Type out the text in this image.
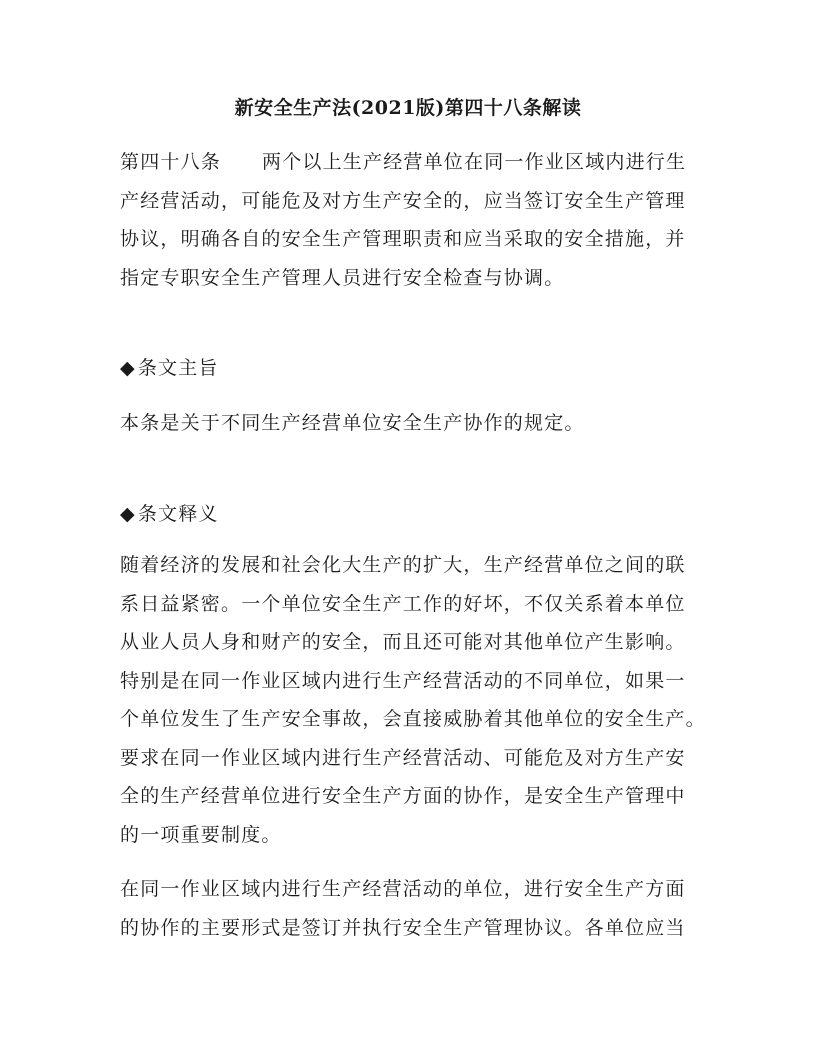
新安全生产法(2021版)第四十八条解读
第四十八条 两个以上生产经营单位在同一作业区域内进行生
产经营活动，可能危及对方生产安全的，应当签订安全生产管理
协议，明确各自的安全生产管理职责和应当采取的安全措施，并
指定专职安全生产管理人员进行安全检查与协调。
◆ 条文主旨
本条是关于不同生产经营单位安全生产协作的规定。
◆ 条文释义
随着经济的发展和社会化大生产的扩大，生产经营单位之间的联
系日益紧密。一个单位安全生产工作的好坏，不仅关系着本单位
从业人员人身和财产的安全，而且还可能对其他单位产生影响。
特别是在同一作业区域内进行生产经营活动的不同单位，如果一
个单位发生了生产安全事故，会直接威胁着其他单位的安全生产。
要求在同一作业区域内进行生产经营活动、可能危及对方生产安
全的生产经营单位进行安全生产方面的协作，是安全生产管理中
的一项重要制度。
在同一作业区域内进行生产经营活动的单位，进行安全生产方面
的协作的主要形式是签订并执行安全生产管理协议。各单位应当
